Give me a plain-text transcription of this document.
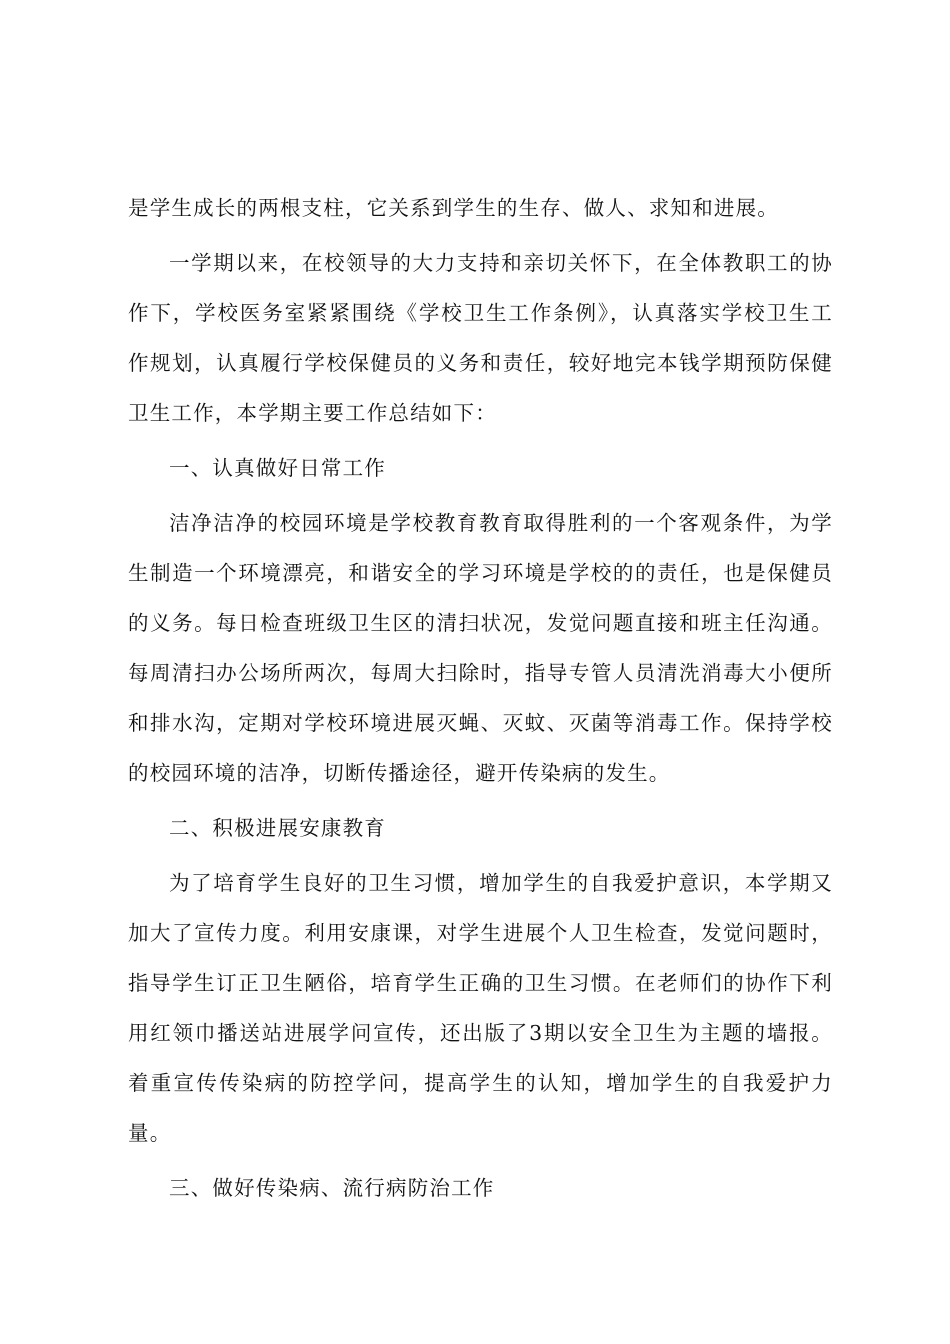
是学生成长的两根支柱，它关系到学生的生存、做人、求知和进展。

一学期以来，在校领导的大力支持和亲切关怀下，在全体教职工的协作下，学校医务室紧紧围绕《学校卫生工作条例》，认真落实学校卫生工作规划，认真履行学校保健员的义务和责任，较好地完本钱学期预防保健卫生工作，本学期主要工作总结如下：

一、认真做好日常工作

洁净洁净的校园环境是学校教育教育取得胜利的一个客观条件，为学生制造一个环境漂亮，和谐安全的学习环境是学校的的责任，也是保健员的义务。每日检查班级卫生区的清扫状况，发觉问题直接和班主任沟通。每周清扫办公场所两次，每周大扫除时，指导专管人员清洗消毒大小便所和排水沟，定期对学校环境进展灭蝇、灭蚊、灭菌等消毒工作。保持学校的校园环境的洁净，切断传播途径，避开传染病的发生。

二、积极进展安康教育

为了培育学生良好的卫生习惯，增加学生的自我爱护意识，本学期又加大了宣传力度。利用安康课，对学生进展个人卫生检查，发觉问题时，指导学生订正卫生陋俗，培育学生正确的卫生习惯。在老师们的协作下利用红领巾播送站进展学问宣传，还出版了3期以安全卫生为主题的墙报。着重宣传传染病的防控学问，提高学生的认知，增加学生的自我爱护力量。

三、做好传染病、流行病防治工作
